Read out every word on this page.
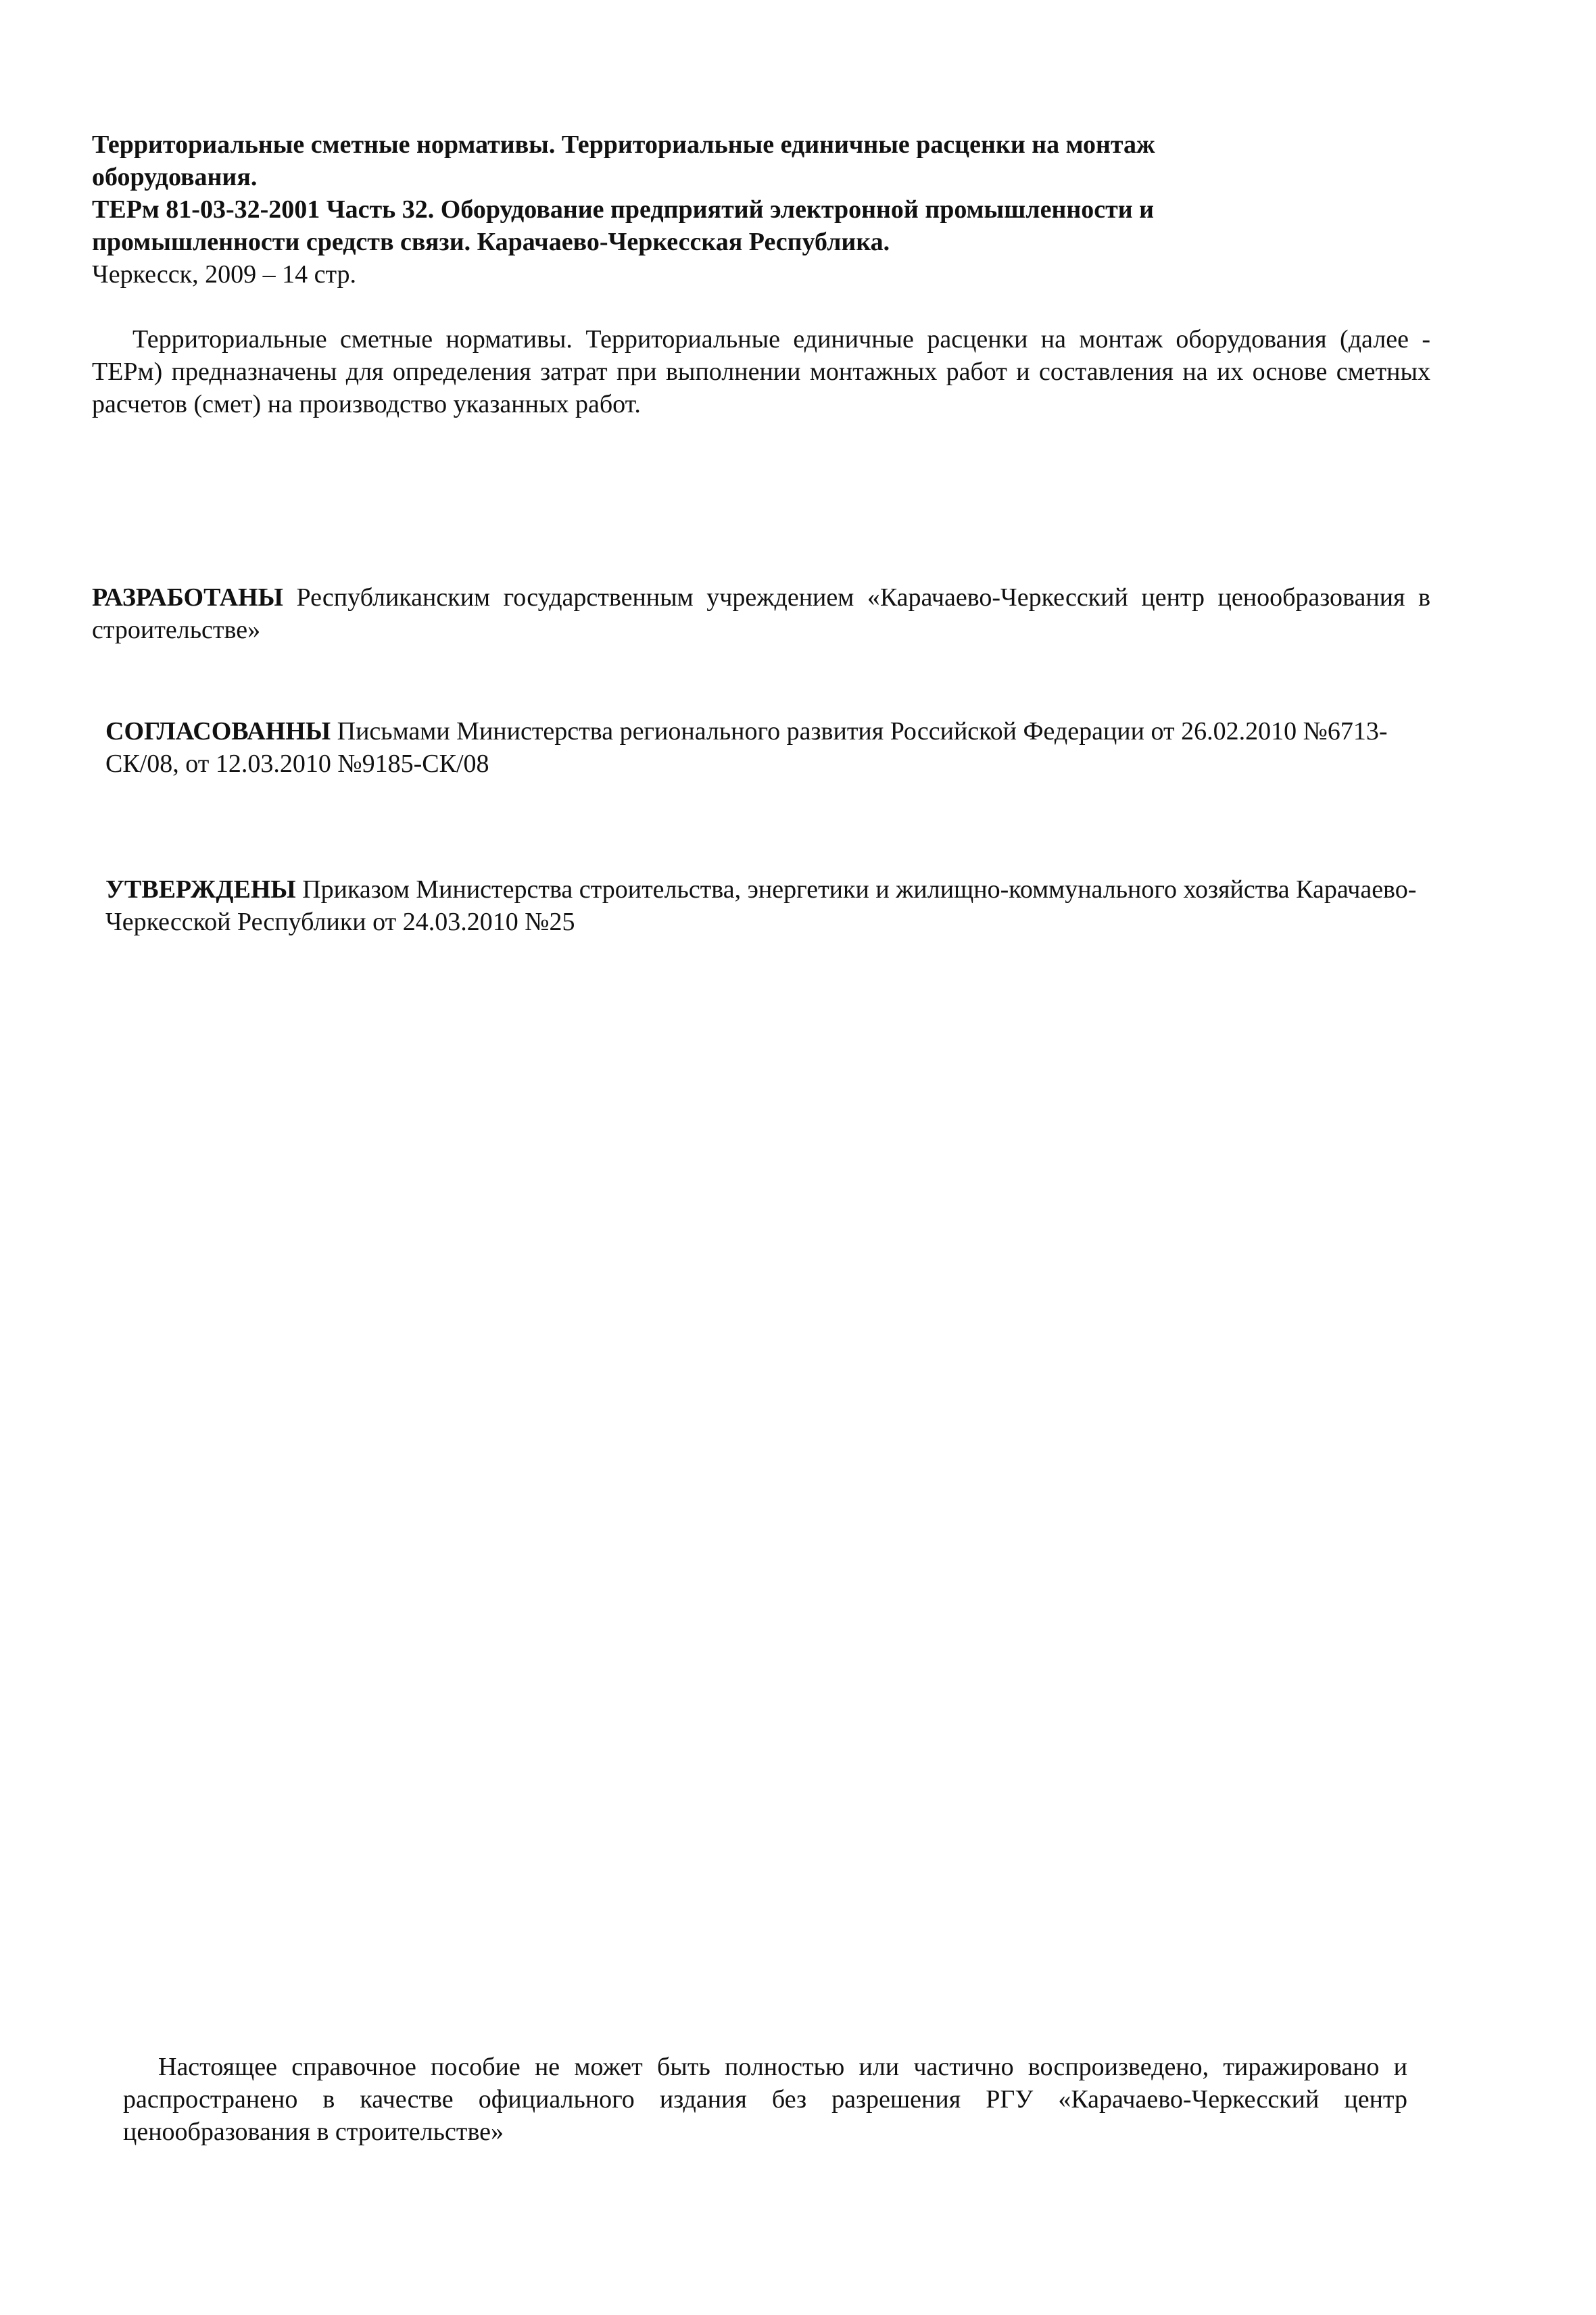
Территориальные сметные нормативы. Территориальные единичные расценки на монтаж оборудования.

ТЕРм 81-03-32-2001 Часть 32. Оборудование предприятий электронной промышленности и промышленности средств связи. Карачаево-Черкесская Республика.

Черкесск, 2009 – 14 стр.

Территориальные сметные нормативы. Территориальные единичные расценки на монтаж оборудования (далее - ТЕРм) предназначены для определения затрат при выполнении монтажных работ и составления на их основе сметных расчетов (смет) на производство указанных работ.
РАЗРАБОТАНЫ Республиканским государственным учреждением «Карачаево-Черкесский центр ценообразования в строительстве»
СОГЛАСОВАННЫ Письмами Министерства регионального развития Российской Федерации от 26.02.2010 №6713-СК/08, от 12.03.2010 №9185-СК/08
УТВЕРЖДЕНЫ Приказом Министерства строительства, энергетики и жилищно-коммунального хозяйства Карачаево-Черкесской Республики от 24.03.2010 №25
Настоящее справочное пособие не может быть полностью или частично воспроизведено, тиражировано и распространено в качестве официального издания без разрешения РГУ «Карачаево-Черкесский центр ценообразования в строительстве»
